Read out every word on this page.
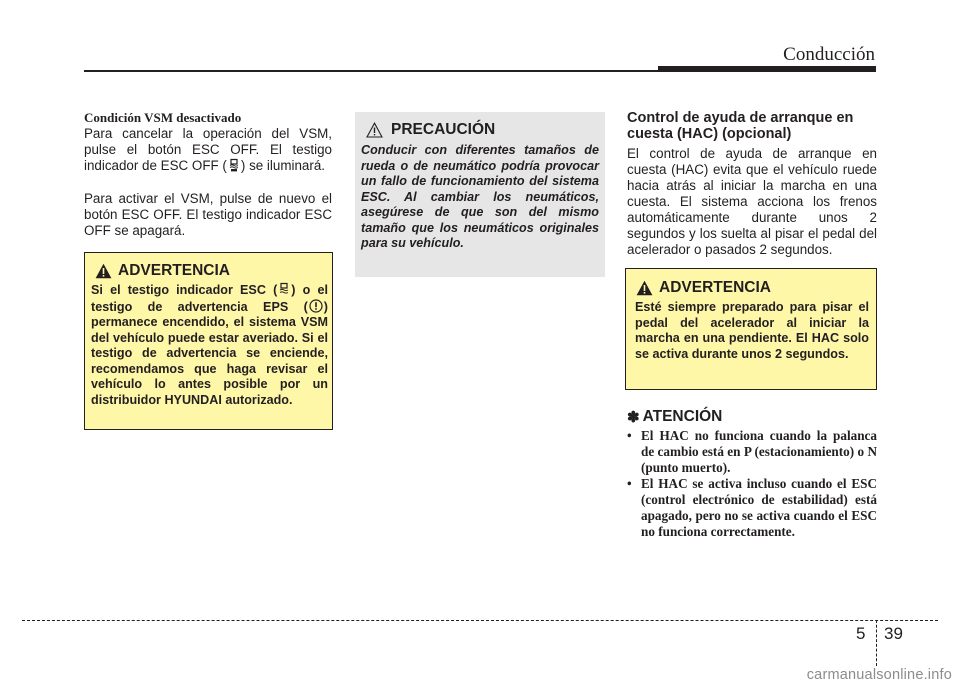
Conducción
Condición VSM desactivado
Para cancelar la operación del VSM, pulse el botón ESC OFF. El testigo indicador de ESC OFF ( ) se iluminará.
Para activar el VSM, pulse de nuevo el botón ESC OFF. El testigo indicador ESC OFF se apagará.
ADVERTENCIA
Si el testigo indicador ESC ( ) o el testigo de advertencia EPS ( ) permanece encendido, el sistema VSM del vehículo puede estar averiado. Si el testigo de advertencia se enciende, recomendamos que haga revisar el vehículo lo antes posible por un distribuidor HYUNDAI autorizado.
PRECAUCIÓN
Conducir con diferentes tamaños de rueda o de neumático podría provocar un fallo de funcionamiento del sistema ESC. Al cambiar los neumáticos, asegúrese de que son del mismo tamaño que los neumáticos originales para su vehículo.
Control de ayuda de arranque en cuesta (HAC) (opcional)
El control de ayuda de arranque en cuesta (HAC) evita que el vehículo ruede hacia atrás al iniciar la marcha en una cuesta. El sistema acciona los frenos automáticamente durante unos 2 segundos y los suelta al pisar el pedal del acelerador o pasados 2 segundos.
ADVERTENCIA
Esté siempre preparado para pisar el pedal del acelerador al iniciar la marcha en una pendiente. El HAC solo se activa durante unos 2 segundos.
✽ ATENCIÓN
• El HAC no funciona cuando la palanca de cambio está en P (estacionamiento) o N (punto muerto).
• El HAC se activa incluso cuando el ESC (control electrónico de estabilidad) está apagado, pero no se activa cuando el ESC no funciona correctamente.
5 39
carmanualsonline.info
